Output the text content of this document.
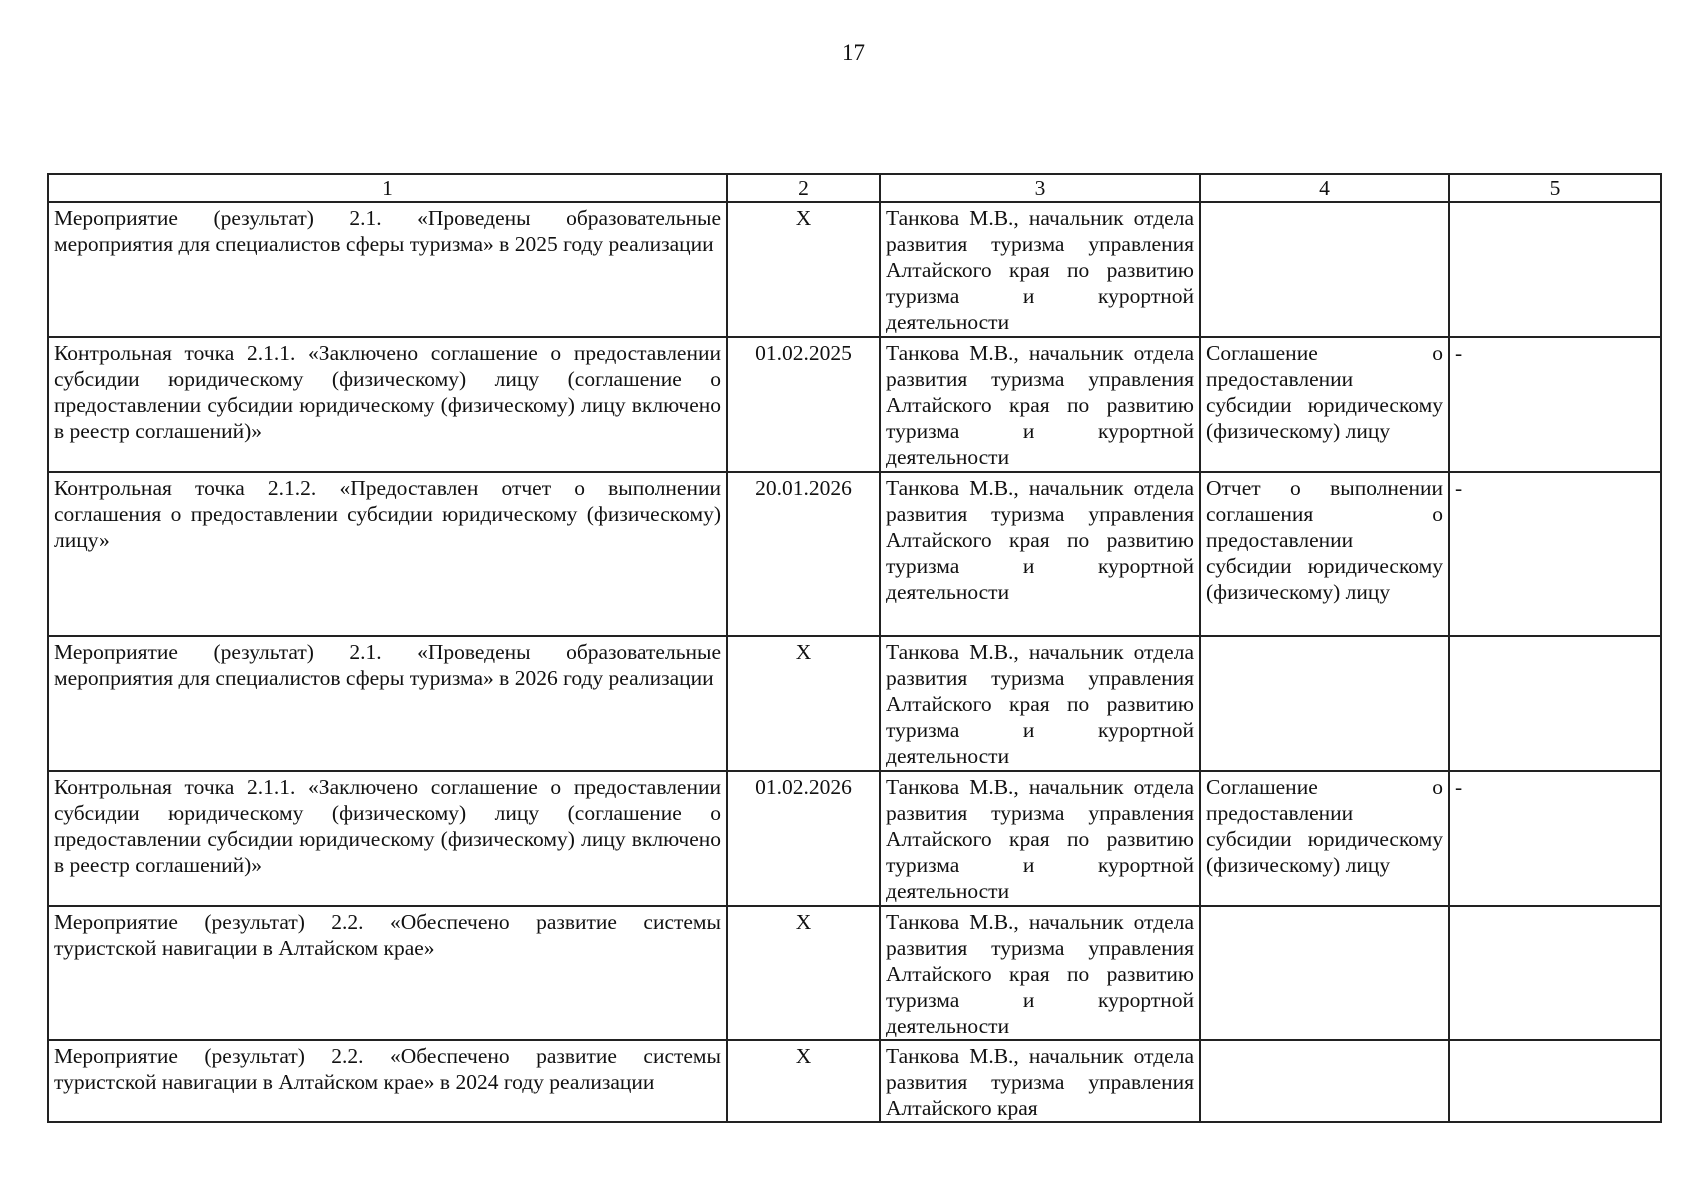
17
1	2	3	4	5
Мероприятие (результат) 2.1. «Проведены образовательные мероприятия для специалистов сферы туризма» в 2025 году реализации	X	Танкова М.В., начальник отдела развития туризма управления Алтайского края по развитию туризма и курортной деятельности		
Контрольная точка 2.1.1. «Заключено соглашение о предоставлении субсидии юридическому (физическому) лицу (соглашение о предоставлении субсидии юридическому (физическому) лицу включено в реестр соглашений)»	01.02.2025	Танкова М.В., начальник отдела развития туризма управления Алтайского края по развитию туризма и курортной деятельности	Соглашение о предоставлении субсидии юридическому (физическому) лицу	-
Контрольная точка 2.1.2. «Предоставлен отчет о выполнении соглашения о предоставлении субсидии юридическому (физическому) лицу»	20.01.2026	Танкова М.В., начальник отдела развития туризма управления Алтайского края по развитию туризма и курортной деятельности	Отчет о выполнении соглашения о предоставлении субсидии юридическому (физическому) лицу	-
Мероприятие (результат) 2.1. «Проведены образовательные мероприятия для специалистов сферы туризма» в 2026 году реализации	X	Танкова М.В., начальник отдела развития туризма управления Алтайского края по развитию туризма и курортной деятельности		
Контрольная точка 2.1.1. «Заключено соглашение о предоставлении субсидии юридическому (физическому) лицу (соглашение о предоставлении субсидии юридическому (физическому) лицу включено в реестр соглашений)»	01.02.2026	Танкова М.В., начальник отдела развития туризма управления Алтайского края по развитию туризма и курортной деятельности	Соглашение о предоставлении субсидии юридическому (физическому) лицу	-
Мероприятие (результат) 2.2. «Обеспечено развитие системы туристской навигации в Алтайском крае»	X	Танкова М.В., начальник отдела развития туризма управления Алтайского края по развитию туризма и курортной деятельности		
Мероприятие (результат) 2.2. «Обеспечено развитие системы туристской навигации в Алтайском крае» в 2024 году реализации	X	Танкова М.В., начальник отдела развития туризма управления Алтайского края		
